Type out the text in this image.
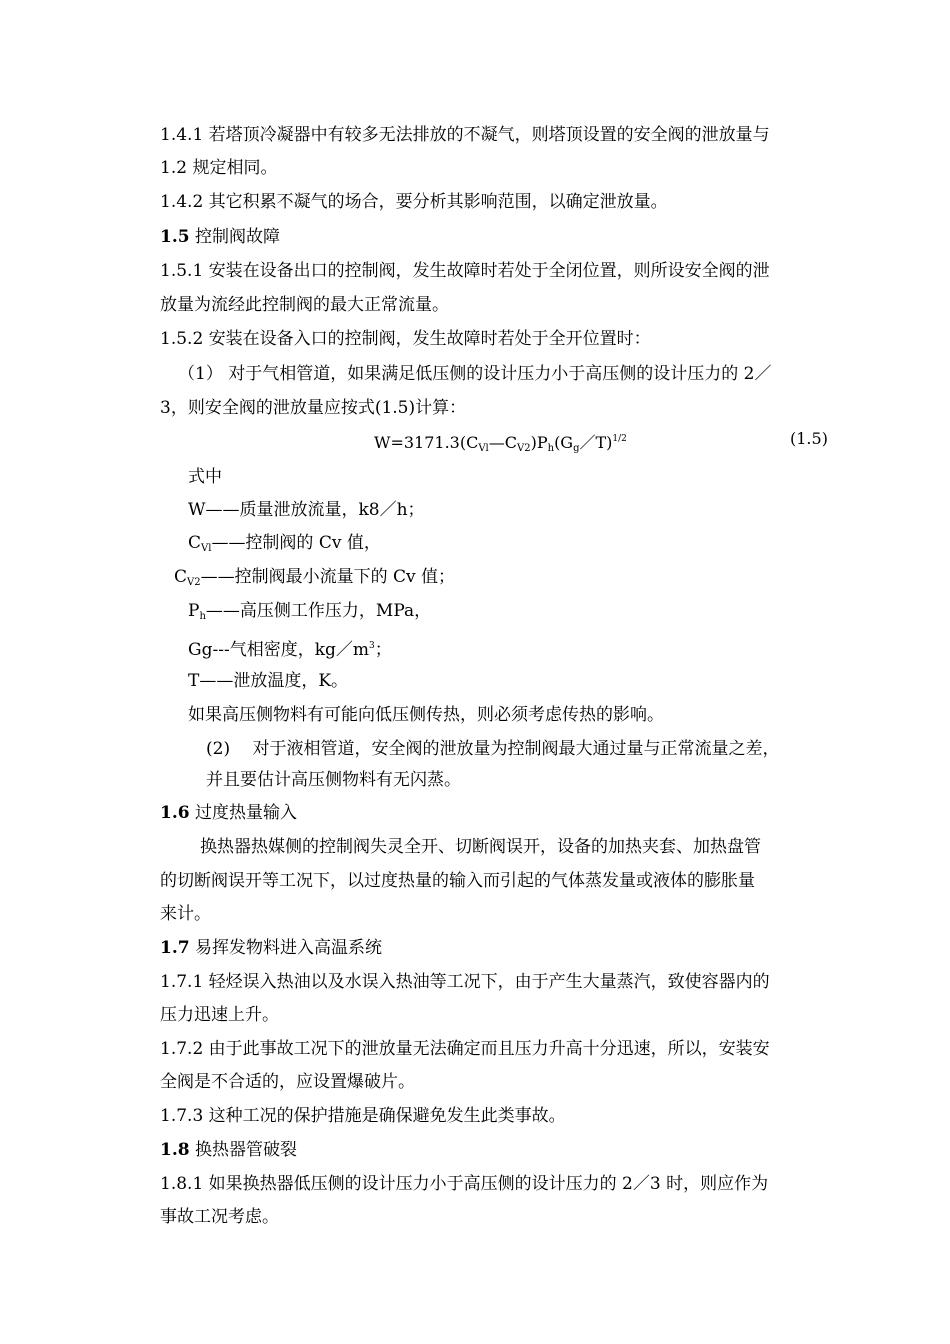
1.4.1 若塔顶冷凝器中有较多无法排放的不凝气，则塔顶设置的安全阀的泄放量与
1.2 规定相同。
1.4.2 其它积累不凝气的场合，要分析其影响范围，以确定泄放量。
1.5 控制阀故障
1.5.1 安装在设备出口的控制阀，发生故障时若处于全闭位置，则所设安全阀的泄
放量为流经此控制阀的最大正常流量。
1.5.2 安装在设备入口的控制阀，发生故障时若处于全开位置时：
（1） 对于气相管道，如果满足低压侧的设计压力小于高压侧的设计压力的 2／
3，则安全阀的泄放量应按式(1.5)计算：
$W=3171.3(C_{Vl}—C_{V2})P_h(G_g/T)^{1/2}$	(1.5)
式中
W——质量泄放流量，k8／h；
$C_{Vl}——$控制阀的 Cv 值，
$C_{V2}——$控制阀最小流量下的 Cv 值；
$P_h——$高压侧工作压力，MPa，
Gg---气相密度，$kg/m^3$；
T——泄放温度，K。
如果高压侧物料有可能向低压侧传热，则必须考虑传热的影响。
(2)　 对于液相管道，安全阀的泄放量为控制阀最大通过量与正常流量之差，
并且要估计高压侧物料有无闪蒸。
1.6 过度热量输入
换热器热媒侧的控制阀失灵全开、切断阀误开，设备的加热夹套、加热盘管
的切断阀误开等工况下，以过度热量的输入而引起的气体蒸发量或液体的膨胀量
来计。
1.7 易挥发物料进入高温系统
1.7.1 轻烃误入热油以及水误入热油等工况下，由于产生大量蒸汽，致使容器内的
压力迅速上升。
1.7.2 由于此事故工况下的泄放量无法确定而且压力升高十分迅速，所以，安装安
全阀是不合适的，应设置爆破片。
1.7.3 这种工况的保护措施是确保避免发生此类事故。
1.8 换热器管破裂
1.8.1 如果换热器低压侧的设计压力小于高压侧的设计压力的 2／3 时，则应作为
事故工况考虑。
